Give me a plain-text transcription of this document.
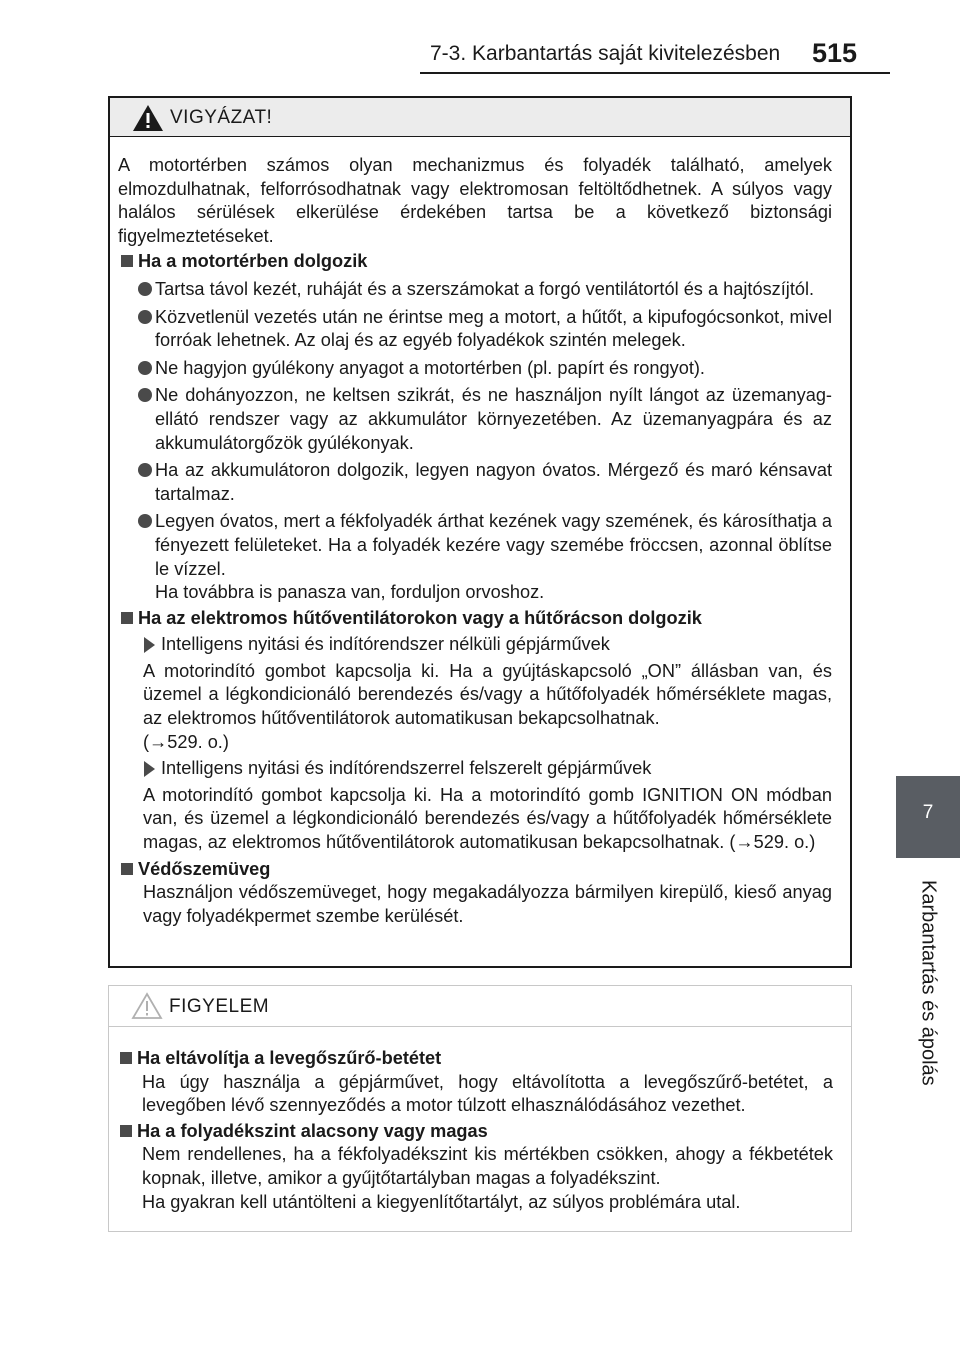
7-3. Karbantartás saját kivitelezésben 515
7
Karbantartás és ápolás
VIGYÁZAT!

A motortérben számos olyan mechanizmus és folyadék található, amelyek elmozdulhatnak, felforrósodhatnak vagy elektromosan feltöltődhetnek. A súlyos vagy halálos sérülések elkerülése érdekében tartsa be a következő biztonsági figyelmeztetéseket.

Ha a motortérben dolgozik
Tartsa távol kezét, ruháját és a szerszámokat a forgó ventilátortól és a hajtószíjtól.
Közvetlenül vezetés után ne érintse meg a motort, a hűtőt, a kipufogócsonkot, mivel forróak lehetnek. Az olaj és az egyéb folyadékok szintén melegek.
Ne hagyjon gyúlékony anyagot a motortérben (pl. papírt és rongyot).
Ne dohányozzon, ne keltsen szikrát, és ne használjon nyílt lángot az üzemanyag-ellátó rendszer vagy az akkumulátor környezetében. Az üzemanyagpára és az akkumulátorgőzök gyúlékonyak.
Ha az akkumulátoron dolgozik, legyen nagyon óvatos. Mérgező és maró kénsavat tartalmaz.
Legyen óvatos, mert a fékfolyadék árthat kezének vagy szemének, és károsíthatja a fényezett felületeket. Ha a folyadék kezére vagy szemébe fröccsen, azonnal öblítse le vízzel.
Ha továbbra is panasza van, forduljon orvoshoz.
Ha az elektromos hűtőventilátorokon vagy a hűtőrácson dolgozik
Intelligens nyitási és indítórendszer nélküli gépjárművek

A motorindító gombot kapcsolja ki. Ha a gyújtáskapcsoló „ON” állásban van, és üzemel a légkondicionáló berendezés és/vagy a hűtőfolyadék hőmérséklete magas, az elektromos hűtőventilátorok automatikusan bekapcsolhatnak.

(→529. o.)

Intelligens nyitási és indítórendszerrel felszerelt gépjárművek

A motorindító gombot kapcsolja ki. Ha a motorindító gomb IGNITION ON módban van, és üzemel a légkondicionáló berendezés és/vagy a hűtőfolyadék hőmérséklete magas, az elektromos hűtőventilátorok automatikusan bekapcsolhatnak. (→529. o.)

Védőszemüveg

Használjon védőszemüveget, hogy megakadályozza bármilyen kirepülő, kieső anyag vagy folyadékpermet szembe kerülését.

FIGYELEM
Ha eltávolítja a levegőszűrő-betétet

Ha úgy használja a gépjárművet, hogy eltávolította a levegőszűrő-betétet, a levegőben lévő szennyeződés a motor túlzott elhasználódásához vezethet.

Ha a folyadékszint alacsony vagy magas

Nem rendellenes, ha a fékfolyadékszint kis mértékben csökken, ahogy a fékbetétek kopnak, illetve, amikor a gyűjtőtartályban magas a folyadékszint.

Ha gyakran kell utántölteni a kiegyenlítőtartályt, az súlyos problémára utal.
